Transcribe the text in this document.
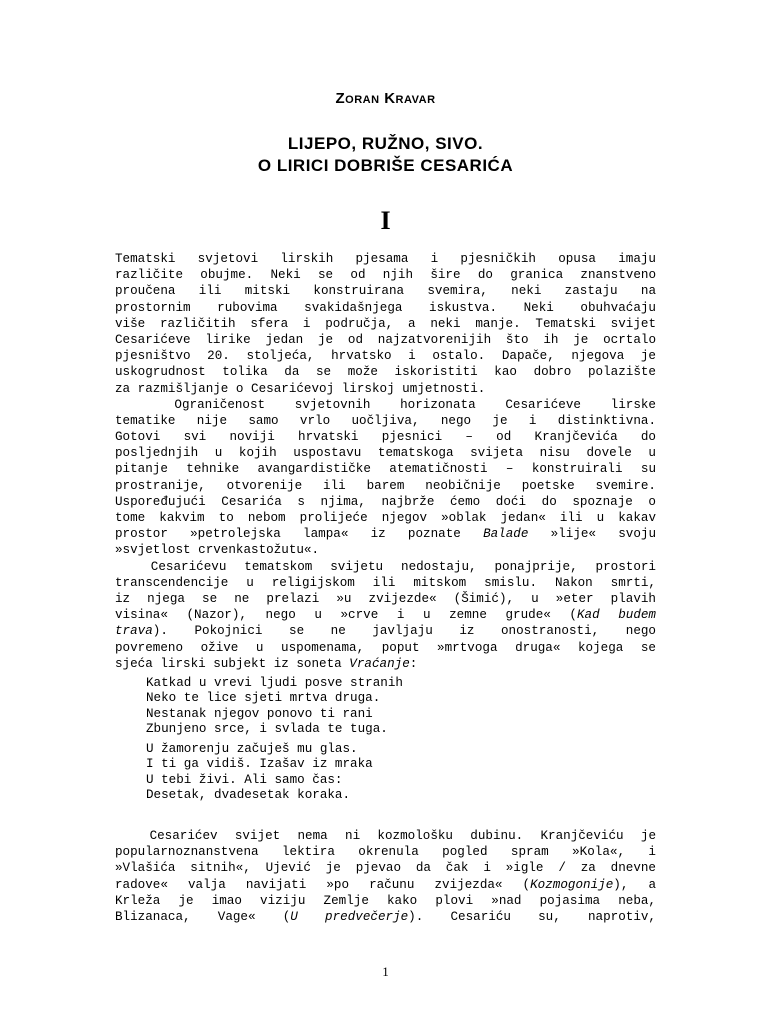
Zoran Kravar
LIJEPO, RUŽNO, SIVO.
O LIRICI DOBRIŠE CESARIĆA
I
Tematski svjetovi lirskih pjesama i pjesničkih opusa imaju
različite obujme. Neki se od njih šire do granica znanstveno
proučena ili mitski konstruirana svemira, neki zastaju na
prostornim rubovima svakidašnjega iskustva. Neki obuhvaćaju
više različitih sfera i područja, a neki manje. Tematski svijet
Cesarićeve lirike jedan je od najzatvorenijih što ih je ocrtalo
pjesništvo 20. stoljeća, hrvatsko i ostalo. Dapače, njegova je
uskogrudnost tolika da se može iskoristiti kao dobro polazište
za razmišljanje o Cesarićevoj lirskoj umjetnosti.
Ograničenost svjetovnih horizonata Cesarićeve lirske
tematike nije samo vrlo uočljiva, nego je i distinktivna.
Gotovi svi noviji hrvatski pjesnici – od Kranjčevića do
posljednjih u kojih uspostavu tematskoga svijeta nisu dovele u
pitanje tehnike avangardističke atematičnosti – konstruirali su
prostranije, otvorenije ili barem neobičnije poetske svemire.
Uspoređujući Cesarića s njima, najbrže ćemo doći do spoznaje o
tome kakvim to nebom prolijeće njegov »oblak jedan« ili u kakav
prostor »petrolejska lampa« iz poznate Balade »lije« svoju
»svjetlost crvenkastožutu«.
Cesarićevu tematskom svijetu nedostaju, ponajprije, prostori
transcendencije u religijskom ili mitskom smislu. Nakon smrti,
iz njega se ne prelazi »u zvijezde« (Šimić), u »eter plavih
visina« (Nazor), nego u »crve i u zemne grude« (Kad budem
trava). Pokojnici se ne javljaju iz onostranosti, nego
povremeno ožive u uspomenama, poput »mrtvoga druga« kojega se
sjeća lirski subjekt iz soneta Vraćanje:
Katkad u vrevi ljudi posve stranih
Neko te lice sjeti mrtva druga.
Nestanak njegov ponovo ti rani
Zbunjeno srce, i svlada te tuga.
U žamorenju začuješ mu glas.
I ti ga vidiš. Izašav iz mraka
U tebi živi. Ali samo čas:
Desetak, dvadesetak koraka.
Cesarićev svijet nema ni kozmološku dubinu. Kranjčeviću je
popularnoznanstvena lektira okrenula pogled spram »Kola«, i
»Vlašića sitnih«, Ujević je pjevao da čak i »igle / za dnevne
radove« valja navijati »po računu zvijezda« (Kozmogonije), a
Krleža je imao viziju Zemlje kako plovi »nad pojasima neba,
Blizanaca, Vage« (U predvečerje). Cesariću su, naprotiv,
1
